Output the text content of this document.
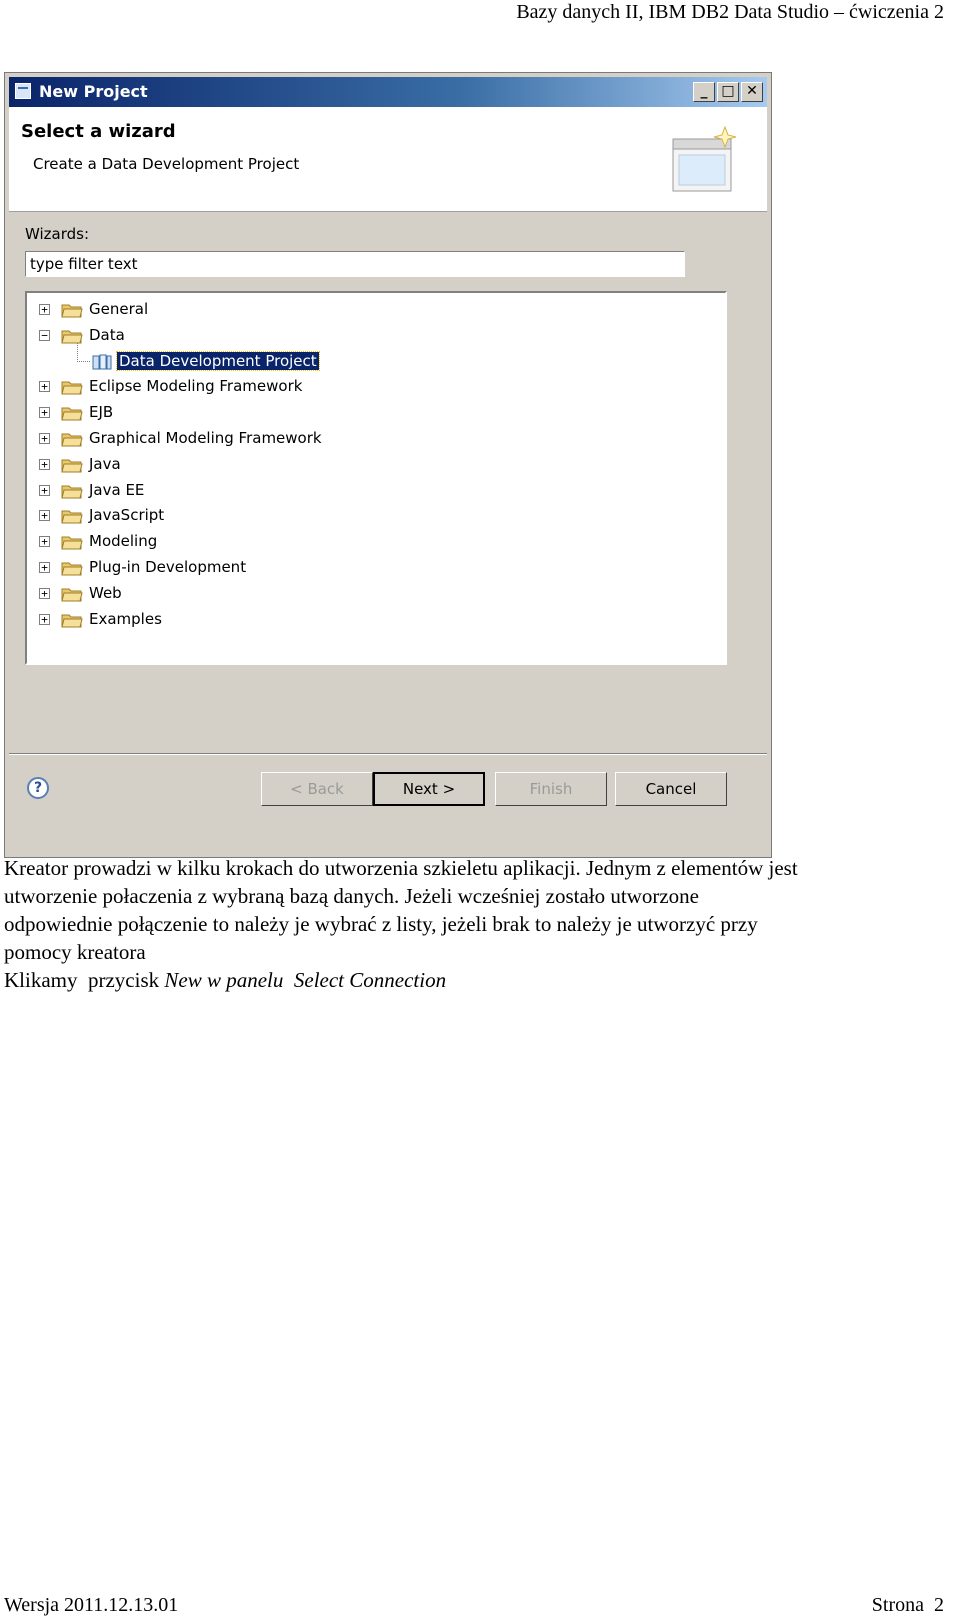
Bazy danych II, IBM DB2 Data Studio – ćwiczenia 2
New Project	_ □ ✕
Select a wizard
Create a Data Development Project
Wizards:
type filter text
+	General
−	Data
Data Development Project
+	Eclipse Modeling Framework
+	EJB
+	Graphical Modeling Framework
+	Java
+	Java EE
+	JavaScript
+	Modeling
+	Plug-in Development
+	Web
+	Examples
?	< Back	Next >	Finish	Cancel

Kreator prowadzi w kilku krokach do utworzenia szkieletu aplikacji. Jednym z elementów jest

utworzenie połaczenia z wybraną bazą danych. Jeżeli wcześniej zostało utworzone

odpowiednie połączenie to należy je wybrać z listy, jeżeli brak to należy je utworzyć przy

pomocy kreatora

Klikamy  przycisk New w panelu  Select Connection

Wersja 2011.12.13.01	Strona  2
